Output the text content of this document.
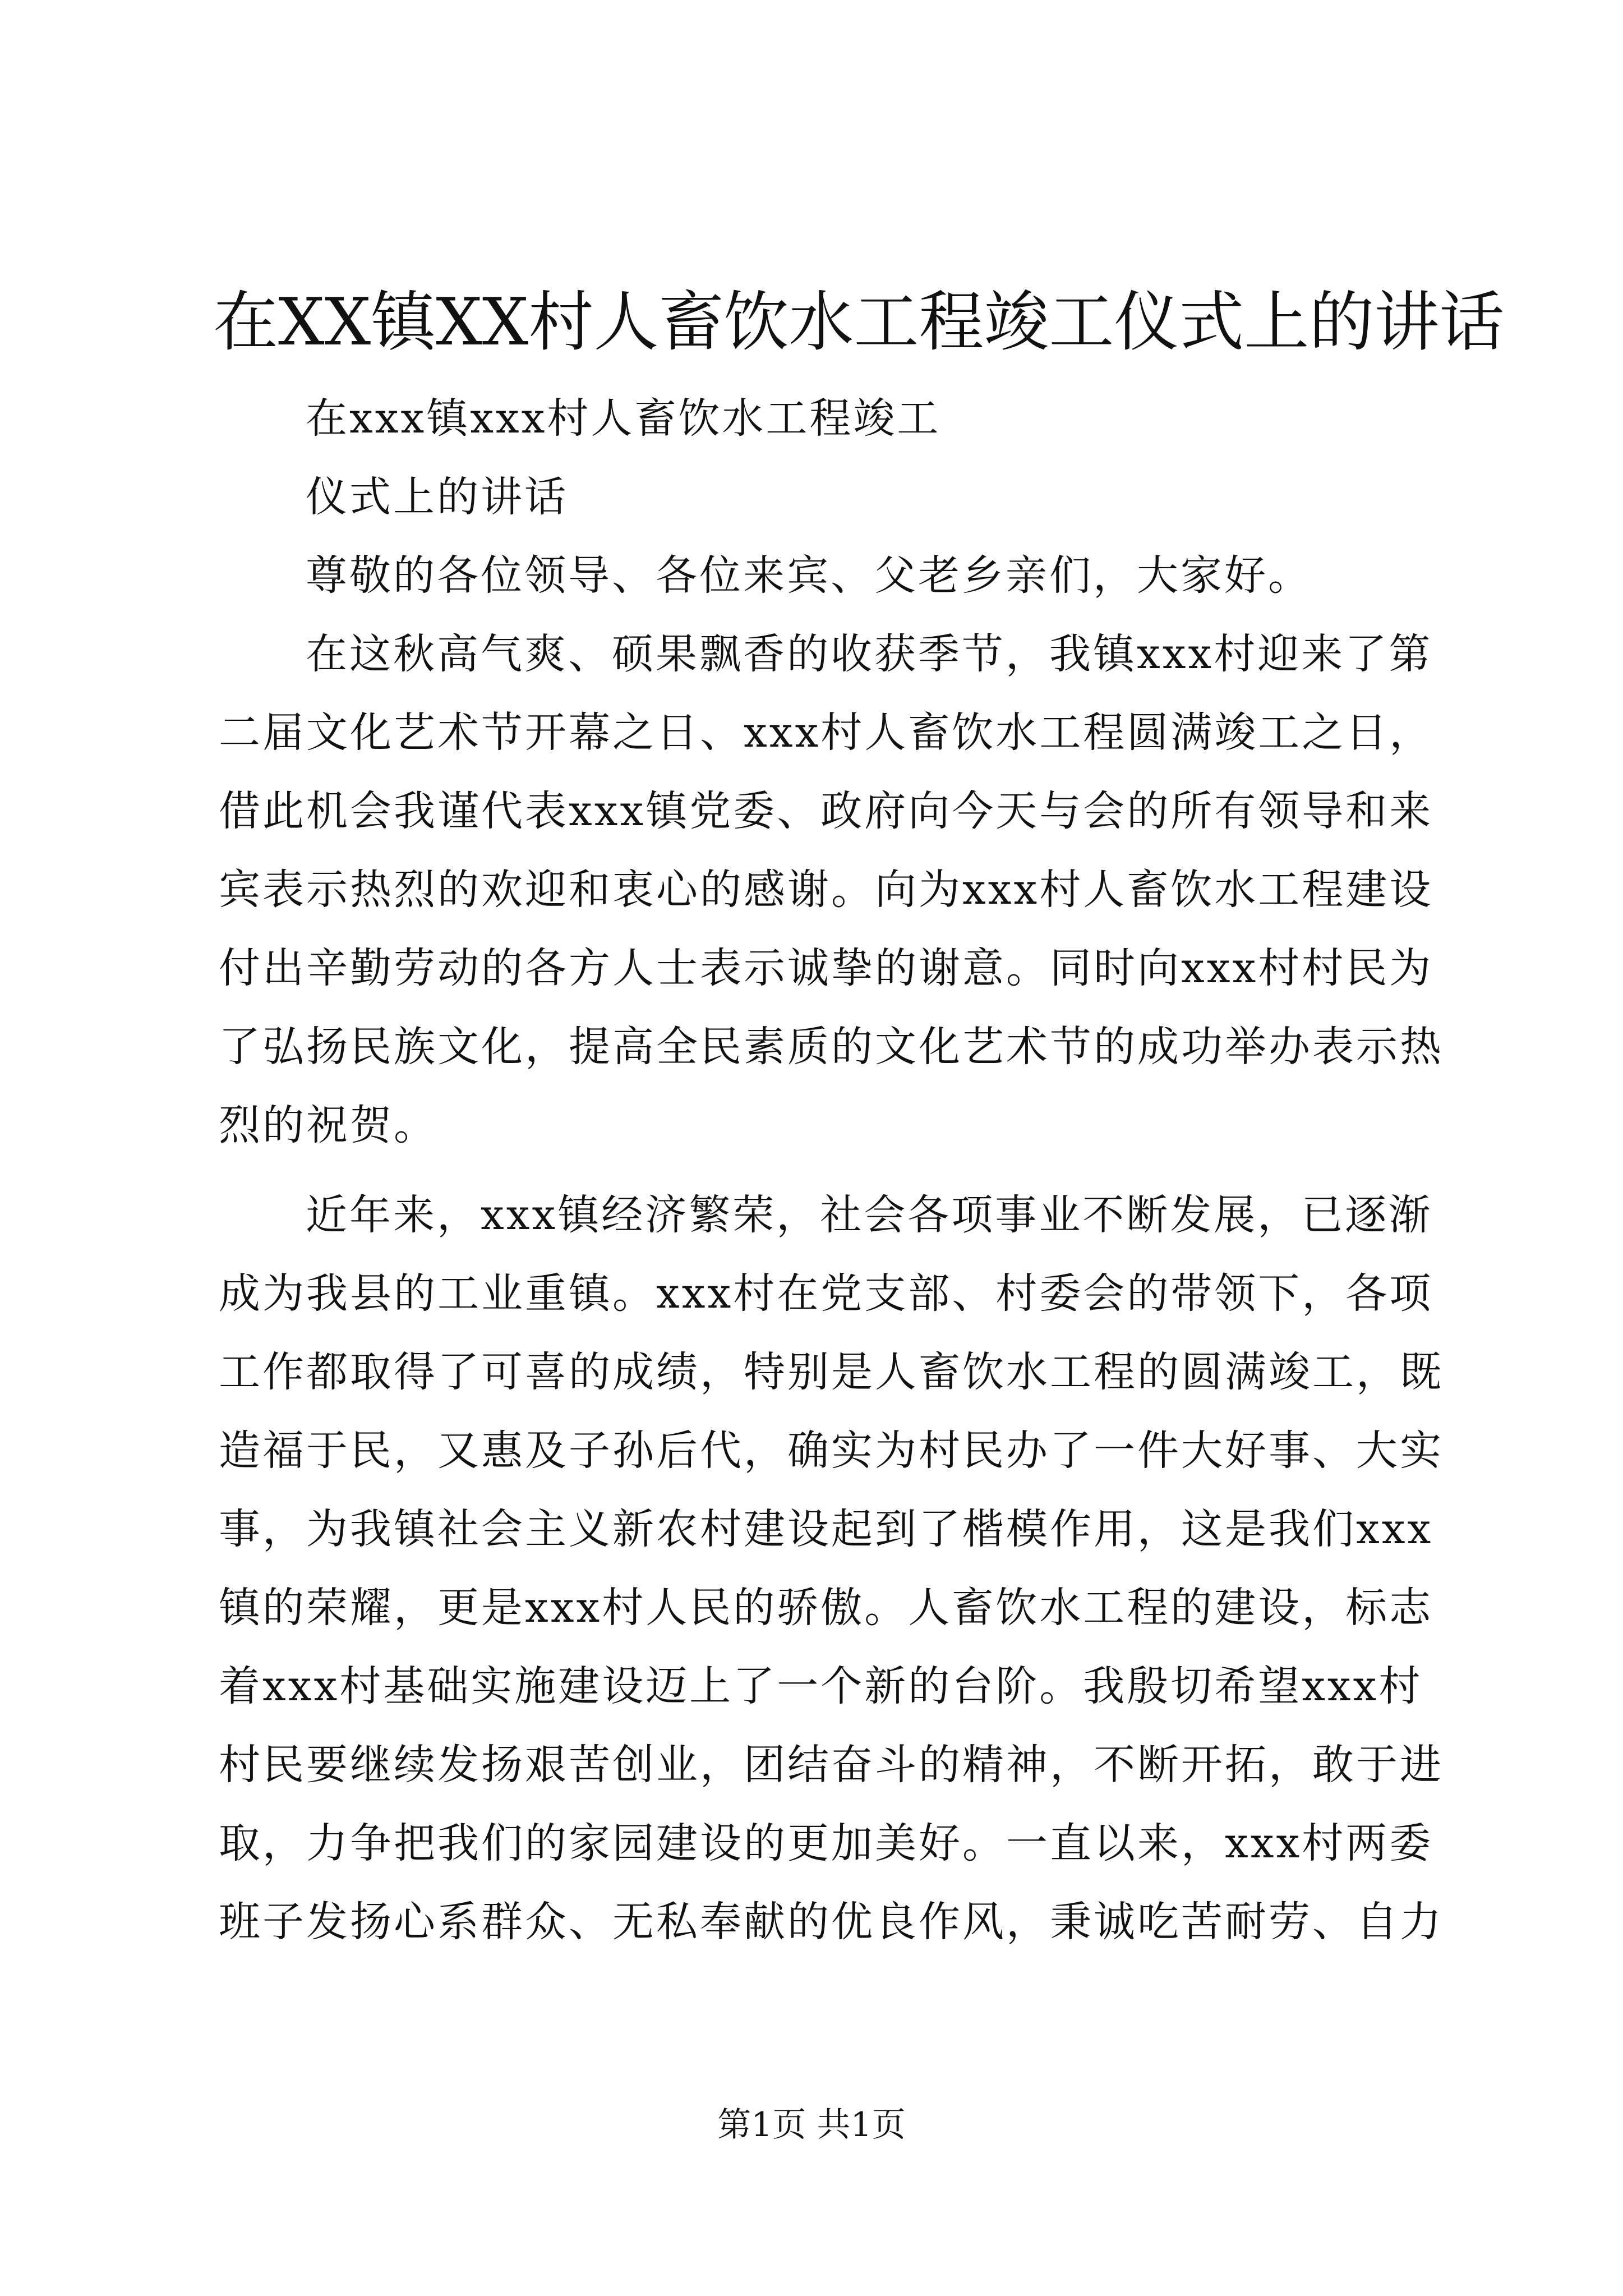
在XX镇XX村人畜饮水工程竣工仪式上的讲话

在xxx镇xxx村人畜饮水工程竣工

仪式上的讲话

尊敬的各位领导、各位来宾、父老乡亲们，大家好。

在这秋高气爽、硕果飘香的收获季节，我镇xxx村迎来了第

二届文化艺术节开幕之日、xxx村人畜饮水工程圆满竣工之日，

借此机会我谨代表xxx镇党委、政府向今天与会的所有领导和来

宾表示热烈的欢迎和衷心的感谢。向为xxx村人畜饮水工程建设

付出辛勤劳动的各方人士表示诚挚的谢意。同时向xxx村村民为

了弘扬民族文化，提高全民素质的文化艺术节的成功举办表示热

烈的祝贺。

近年来，xxx镇经济繁荣，社会各项事业不断发展，已逐渐

成为我县的工业重镇。xxx村在党支部、村委会的带领下，各项

工作都取得了可喜的成绩，特别是人畜饮水工程的圆满竣工，既

造福于民，又惠及子孙后代，确实为村民办了一件大好事、大实

事，为我镇社会主义新农村建设起到了楷模作用，这是我们xxx

镇的荣耀，更是xxx村人民的骄傲。人畜饮水工程的建设，标志

着xxx村基础实施建设迈上了一个新的台阶。我殷切希望xxx村

村民要继续发扬艰苦创业，团结奋斗的精神，不断开拓，敢于进

取，力争把我们的家园建设的更加美好。一直以来，xxx村两委

班子发扬心系群众、无私奉献的优良作风，秉诚吃苦耐劳、自力

第1页 共1页
